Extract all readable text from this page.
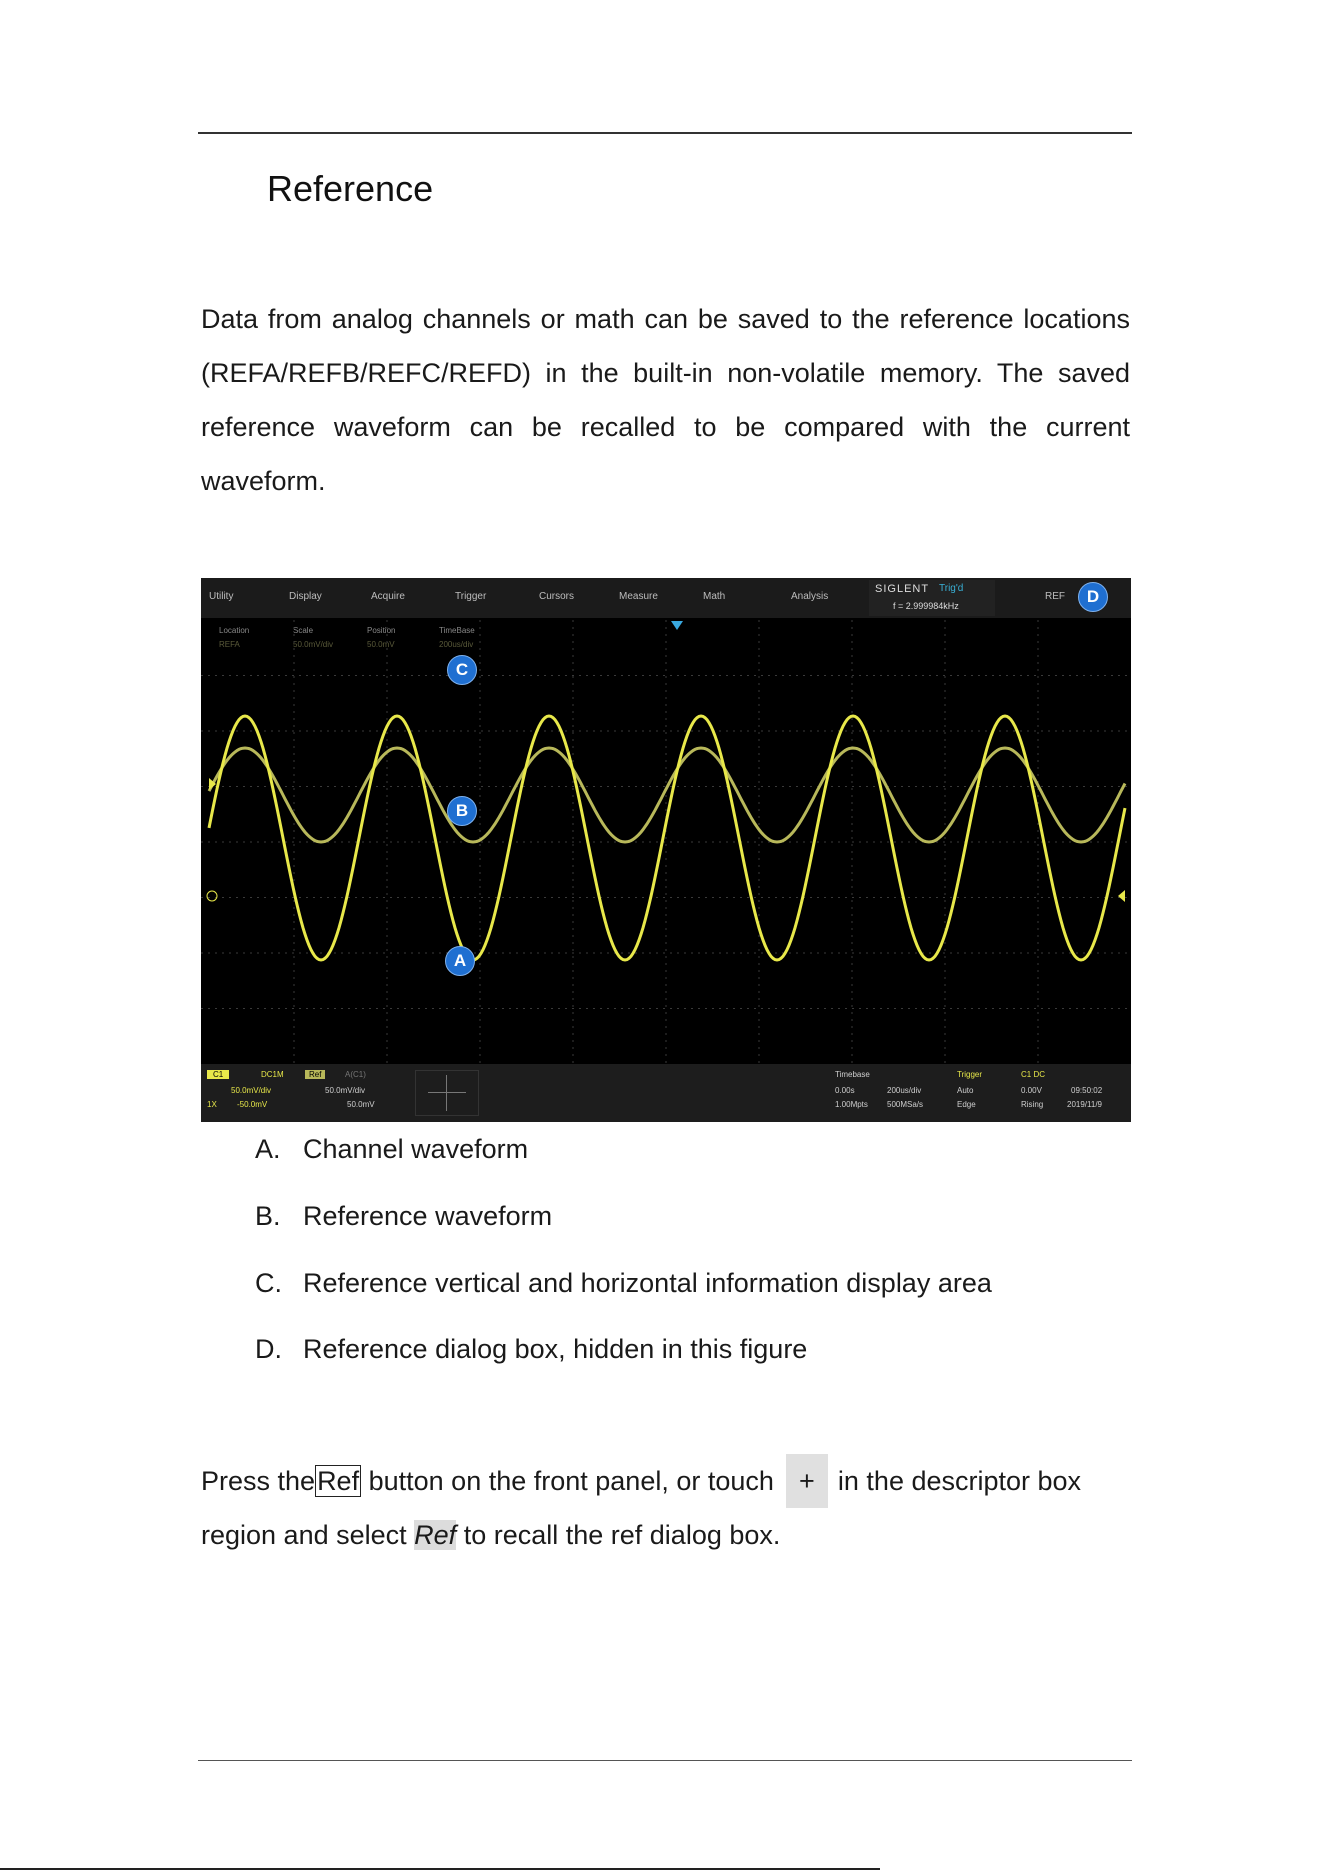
Reference

Data from analog channels or math can be saved to the reference locations (REFA/REFB/REFC/REFD) in the built-in non-volatile memory. The saved reference waveform can be recalled to be compared with the current waveform.

Utility	Display	Acquire	Trigger	Cursors	Measure	Math	Analysis
SIGLENT Trig'd
f = 2.999984kHz
REF
Location	Scale	Position	TimeBase
REFA	50.0mV/div	50.0mV	200us/div
C
B
A
D
C1	DC1M
50.0mV/div
1X	-50.0mV
Ref	A(C1)
50.0mV/div
50.0mV
Timebase
0.00s	200us/div
1.00Mpts 500MSa/s
Trigger
Auto
Edge
C1 DC
0.00V
Rising
09:50:02
2019/11/9

A. Channel waveform

B. Reference waveform

C. Reference vertical and horizontal information display area

D. Reference dialog box, hidden in this figure

Press theRef button on the front panel, or touch + in the descriptor box region and select Ref to recall the ref dialog box.
